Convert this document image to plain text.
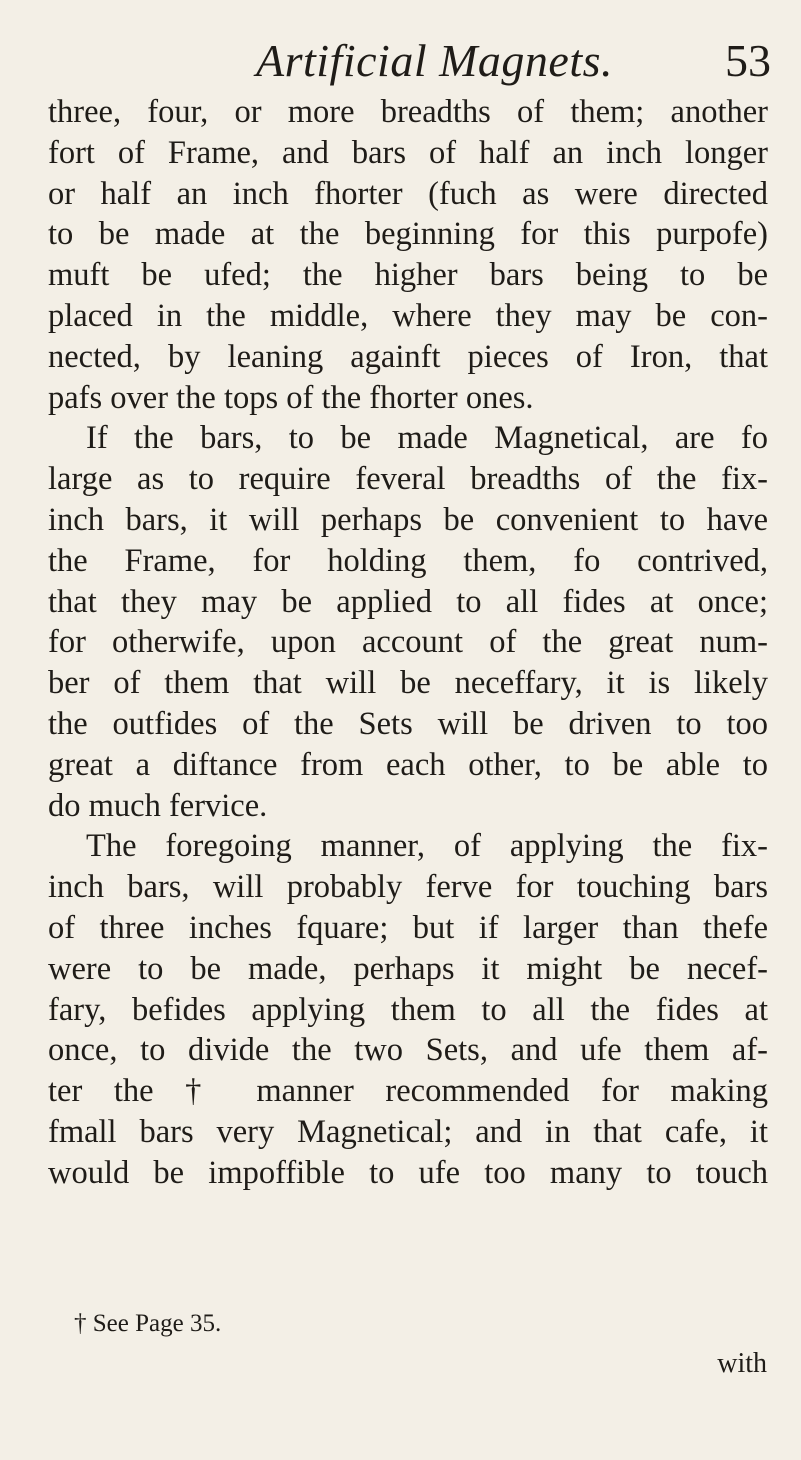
Artificial Magnets. 53
three, four, or more breadths of them; another
fort of Frame, and bars of half an inch longer
or half an inch fhorter (fuch as were directed
to be made at the beginning for this purpofe)
muft be ufed; the higher bars being to be
placed in the middle, where they may be con-
nected, by leaning againft pieces of Iron, that
pafs over the tops of the fhorter ones.
If the bars, to be made Magnetical, are fo
large as to require feveral breadths of the fix-
inch bars, it will perhaps be convenient to have
the Frame, for holding them, fo contrived,
that they may be applied to all fides at once;
for otherwife, upon account of the great num-
ber of them that will be neceffary, it is likely
the outfides of the Sets will be driven to too
great a diftance from each other, to be able to
do much fervice.
The foregoing manner, of applying the fix-
inch bars, will probably ferve for touching bars
of three inches fquare; but if larger than thefe
were to be made, perhaps it might be necef-
fary, befides applying them to all the fides at
once, to divide the two Sets, and ufe them af-
ter the † manner recommended for making
fmall bars very Magnetical; and in that cafe, it
would be impoffible to ufe too many to touch
† See Page 35.
with
